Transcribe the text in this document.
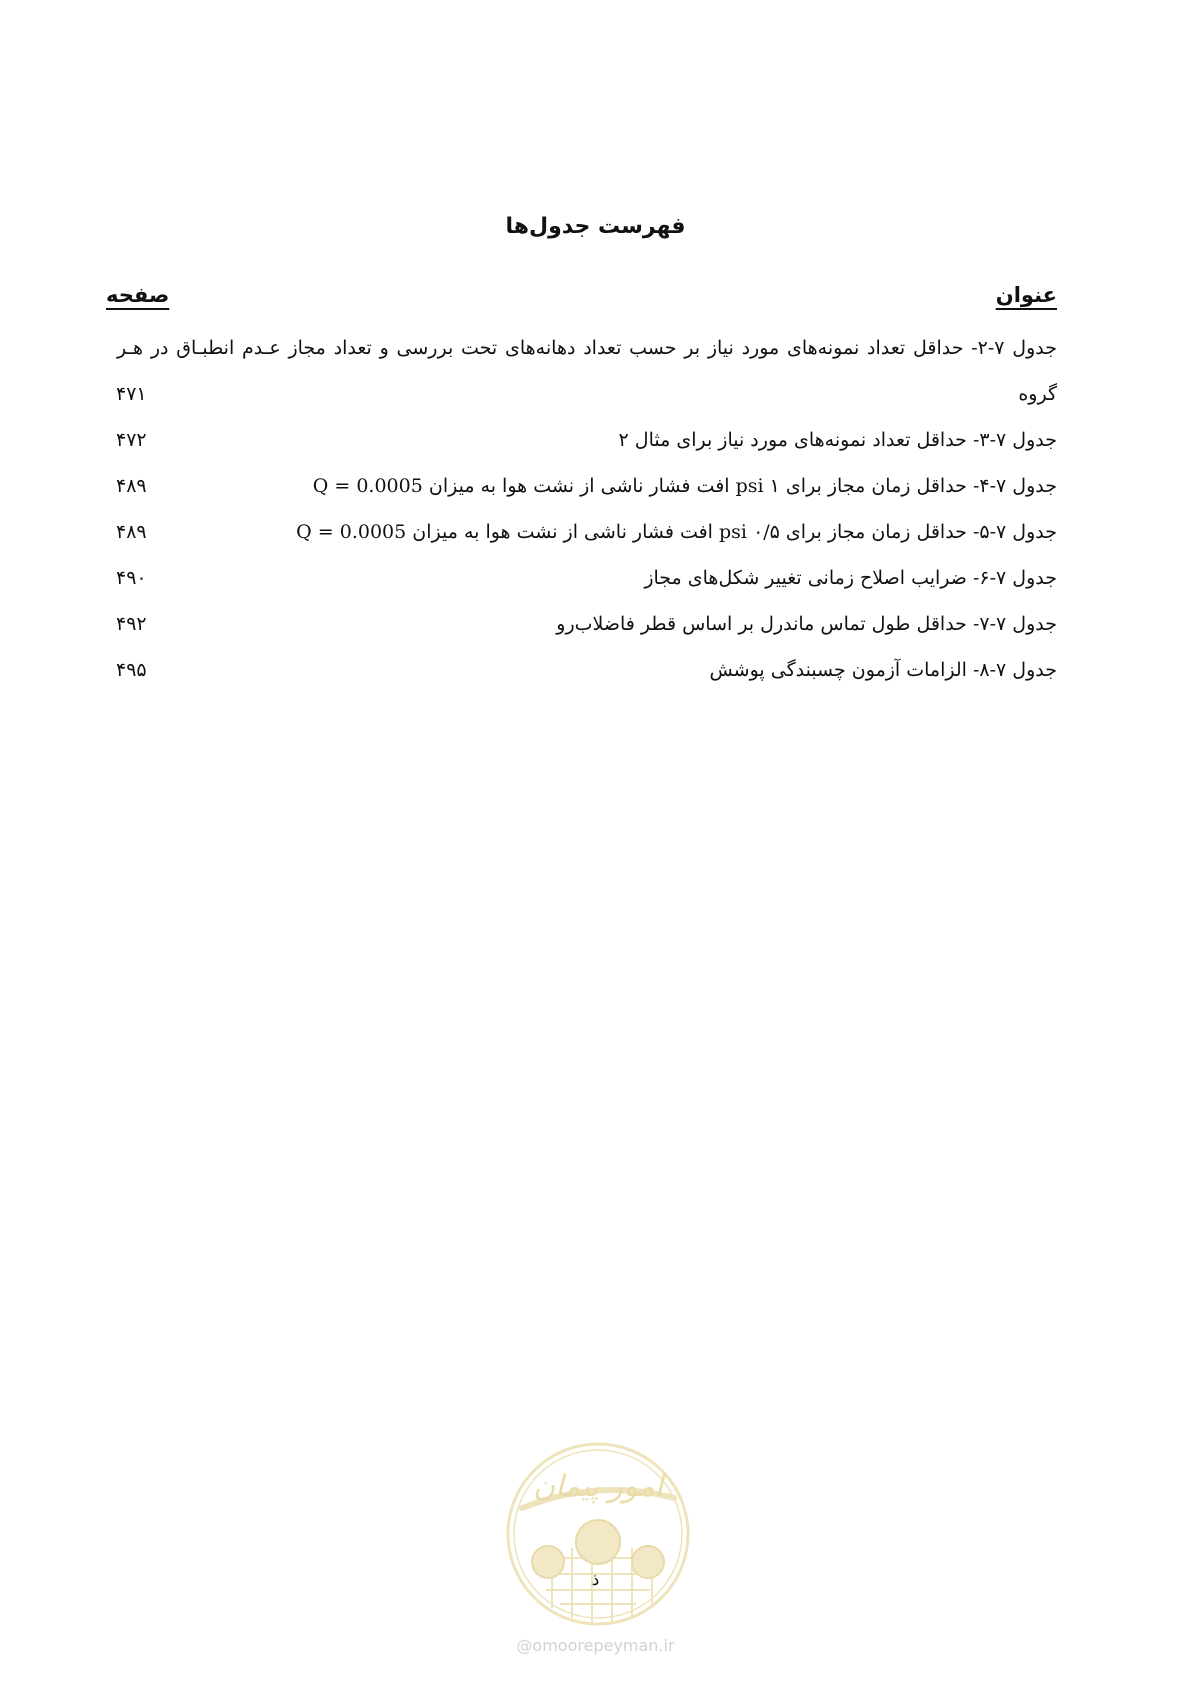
فهرست جدول‌ها
عنوان
صفحه
جدول ۷-۲- حداقل تعداد نمونه‌های مورد نیاز بر حسب تعداد دهانه‌های تحت بررسی و تعداد مجاز عـدم انطبـاق در هـر گروه
۴۷۱
جدول ۷-۳- حداقل تعداد نمونه‌های مورد نیاز برای مثال ۲
۴۷۲
جدول ۷-۴- حداقل زمان مجاز برای ۱ psi افت فشار ناشی از نشت هوا به میزان Q = 0.0005
۴۸۹
جدول ۷-۵- حداقل زمان مجاز برای ۰/۵ psi افت فشار ناشی از نشت هوا به میزان Q = 0.0005
۴۸۹
جدول ۷-۶- ضرایب اصلاح زمانی تغییر شکل‌های مجاز
۴۹۰
جدول ۷-۷- حداقل طول تماس ماندرل بر اساس قطر فاضلاب‌رو
۴۹۲
جدول ۷-۸- الزامات آزمون چسبندگی پوشش
۴۹۵
امور پیمان
ذ
@omoorepeyman.ir
